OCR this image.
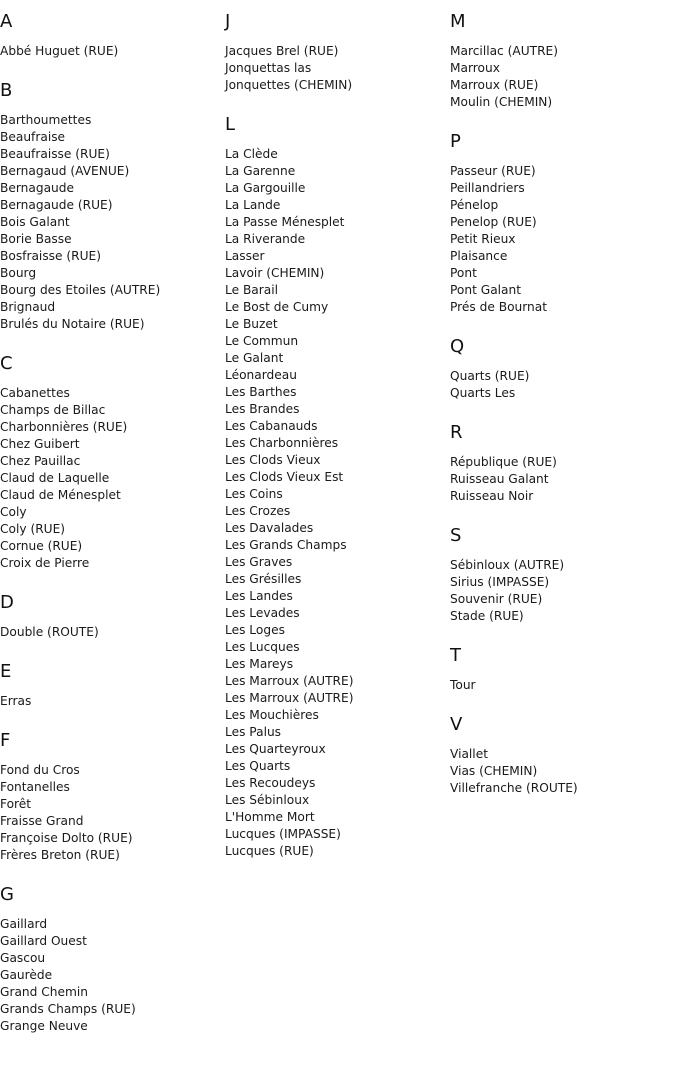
A
Abbé Huguet (RUE)
B
Barthoumettes
Beaufraise
Beaufraisse (RUE)
Bernagaud (AVENUE)
Bernagaude
Bernagaude (RUE)
Bois Galant
Borie Basse
Bosfraisse (RUE)
Bourg
Bourg des Etoiles (AUTRE)
Brignaud
Brulés du Notaire (RUE)
C
Cabanettes
Champs de Billac
Charbonnières (RUE)
Chez Guibert
Chez Pauillac
Claud de Laquelle
Claud de Ménesplet
Coly
Coly (RUE)
Cornue (RUE)
Croix de Pierre
D
Double (ROUTE)
E
Erras
F
Fond du Cros
Fontanelles
Forêt
Fraisse Grand
Françoise Dolto (RUE)
Frères Breton (RUE)
G
Gaillard
Gaillard Ouest
Gascou
Gaurède
Grand Chemin
Grands Champs (RUE)
Grange Neuve
J
Jacques Brel (RUE)
Jonquettas las
Jonquettes (CHEMIN)
L
La Clède
La Garenne
La Gargouille
La Lande
La Passe Ménesplet
La Riverande
Lasser
Lavoir (CHEMIN)
Le Barail
Le Bost de Cumy
Le Buzet
Le Commun
Le Galant
Léonardeau
Les Barthes
Les Brandes
Les Cabanauds
Les Charbonnières
Les Clods Vieux
Les Clods Vieux Est
Les Coins
Les Crozes
Les Davalades
Les Grands Champs
Les Graves
Les Grésilles
Les Landes
Les Levades
Les Loges
Les Lucques
Les Mareys
Les Marroux (AUTRE)
Les Marroux (AUTRE)
Les Mouchières
Les Palus
Les Quarteyroux
Les Quarts
Les Recoudeys
Les Sébinloux
L'Homme Mort
Lucques (IMPASSE)
Lucques (RUE)
M
Marcillac (AUTRE)
Marroux
Marroux (RUE)
Moulin (CHEMIN)
P
Passeur (RUE)
Peillandriers
Pénelop
Penelop (RUE)
Petit Rieux
Plaisance
Pont
Pont Galant
Prés de Bournat
Q
Quarts (RUE)
Quarts Les
R
République (RUE)
Ruisseau Galant
Ruisseau Noir
S
Sébinloux (AUTRE)
Sirius (IMPASSE)
Souvenir (RUE)
Stade (RUE)
T
Tour
V
Viallet
Vias (CHEMIN)
Villefranche (ROUTE)
